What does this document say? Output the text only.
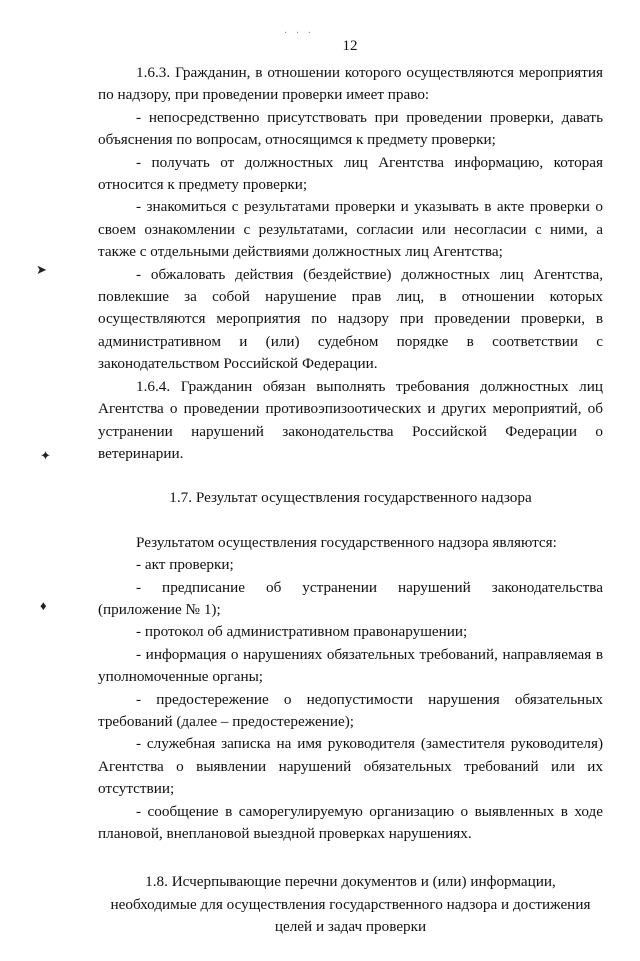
· · ·
12
➤
✦
♦

1.6.3. Гражданин, в отношении которого осуществляются мероприятия по надзору, при проведении проверки имеет право:

- непосредственно присутствовать при проведении проверки, давать объяснения по вопросам, относящимся к предмету проверки;

- получать от должностных лиц Агентства информацию, которая относится к предмету проверки;

- знакомиться с результатами проверки и указывать в акте проверки о своем ознакомлении с результатами, согласии или несогласии с ними, а также с отдельными действиями должностных лиц Агентства;

- обжаловать действия (бездействие) должностных лиц Агентства, повлекшие за собой нарушение прав лиц, в отношении которых осуществляются мероприятия по надзору при проведении проверки, в административном и (или) судебном порядке в соответствии с законодательством Российской Федерации.

1.6.4. Гражданин обязан выполнять требования должностных лиц Агентства о проведении противоэпизоотических и других мероприятий, об устранении нарушений законодательства Российской Федерации о ветеринарии.

1.7. Результат осуществления государственного надзора

Результатом осуществления государственного надзора являются:

- акт проверки;

- предписание об устранении нарушений законодательства (приложение № 1);

- протокол об административном правонарушении;

- информация о нарушениях обязательных требований, направляемая в уполномоченные органы;

- предостережение о недопустимости нарушения обязательных требований (далее – предостережение);

- служебная записка на имя руководителя (заместителя руководителя) Агентства о выявлении нарушений обязательных требований или их отсутствии;

- сообщение в саморегулируемую организацию о выявленных в ходе плановой, внеплановой выездной проверках нарушениях.

1.8. Исчерпывающие перечни документов и (или) информации, необходимые для осуществления государственного надзора и достижения целей и задач проверки
